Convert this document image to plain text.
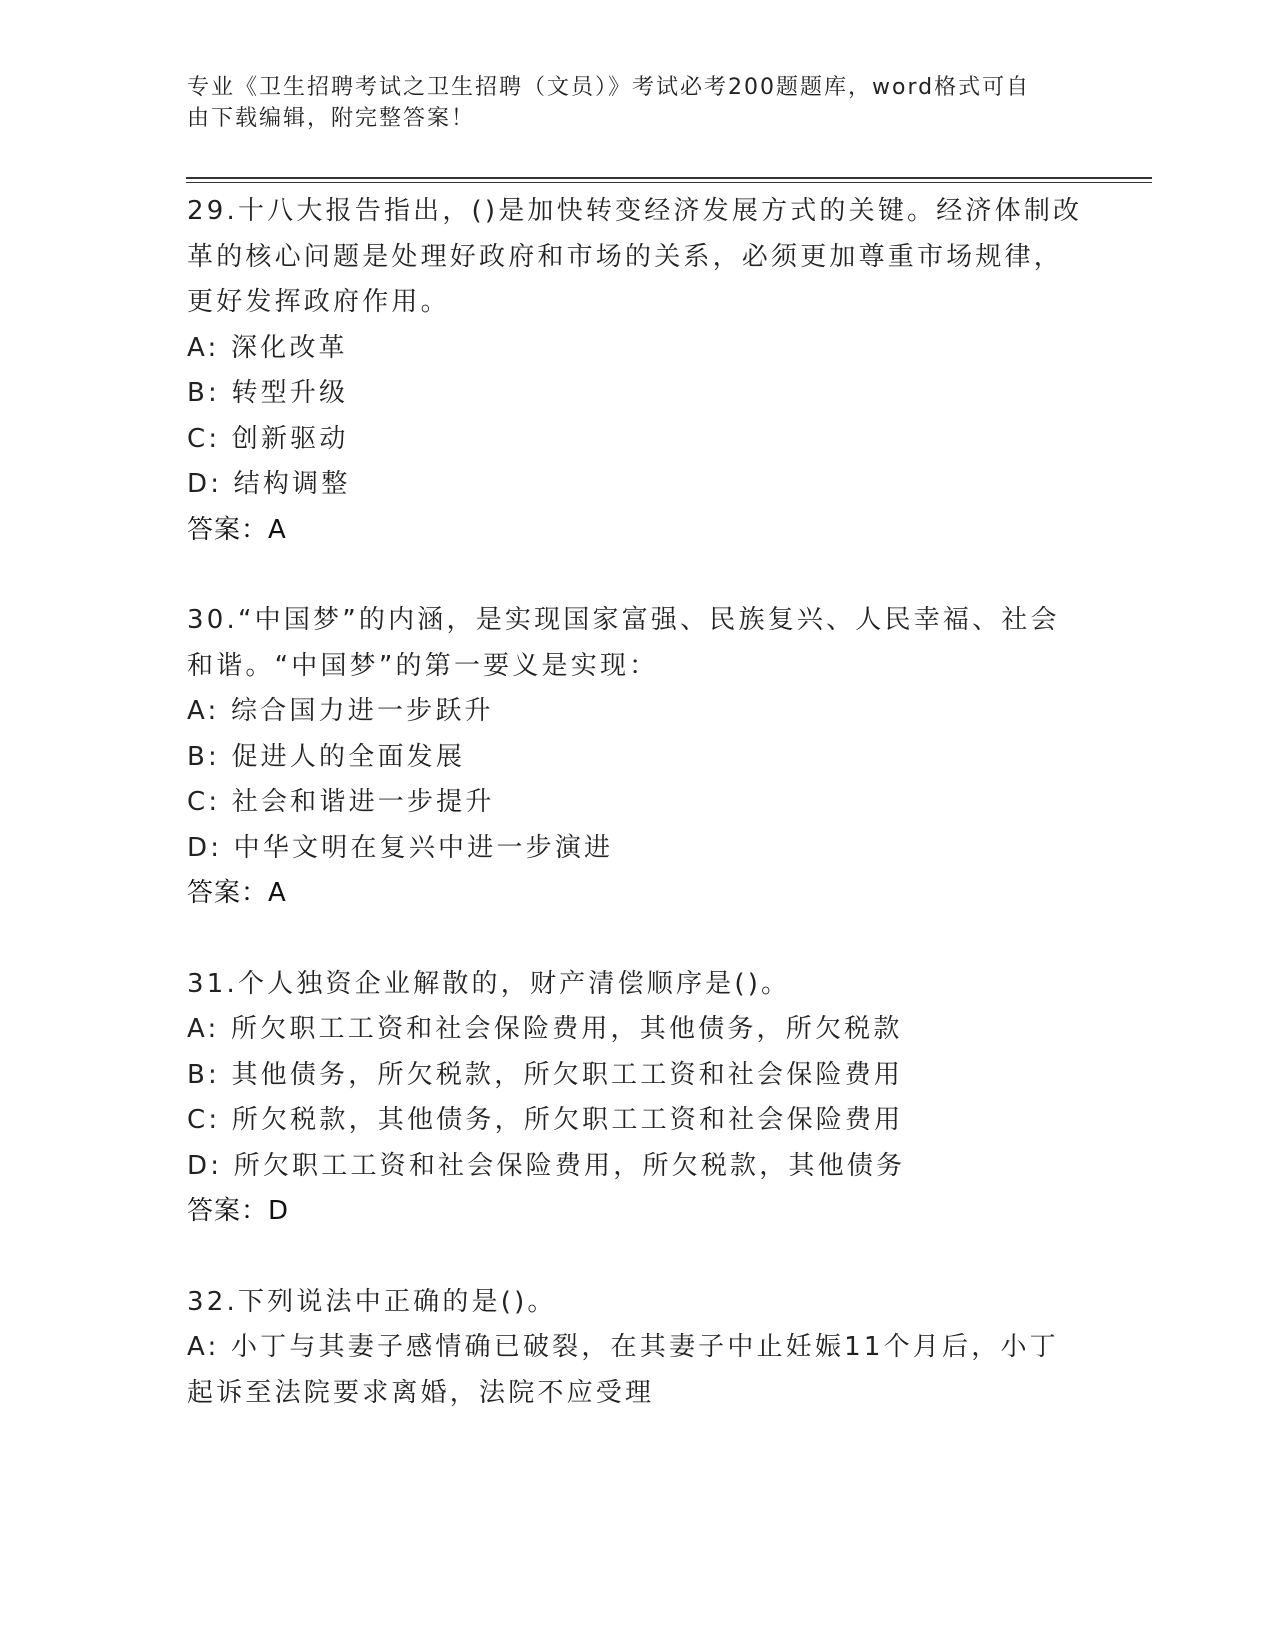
专业《卫生招聘考试之卫生招聘（文员）》考试必考200题题库，word格式可自
由下载编辑，附完整答案！

29.十八大报告指出，()是加快转变经济发展方式的关键。经济体制改

革的核心问题是处理好政府和市场的关系，必须更加尊重市场规律，

更好发挥政府作用。

A: 深化改革

B: 转型升级

C: 创新驱动

D: 结构调整

答案：A

30.“中国梦”的内涵，是实现国家富强、民族复兴、人民幸福、社会

和谐。“中国梦”的第一要义是实现：

A: 综合国力进一步跃升

B: 促进人的全面发展

C: 社会和谐进一步提升

D: 中华文明在复兴中进一步演进

答案：A

31.个人独资企业解散的，财产清偿顺序是()。

A: 所欠职工工资和社会保险费用，其他债务，所欠税款

B: 其他债务，所欠税款，所欠职工工资和社会保险费用

C: 所欠税款，其他债务，所欠职工工资和社会保险费用

D: 所欠职工工资和社会保险费用，所欠税款，其他债务

答案：D

32.下列说法中正确的是()。

A: 小丁与其妻子感情确已破裂，在其妻子中止妊娠11个月后，小丁

起诉至法院要求离婚，法院不应受理
